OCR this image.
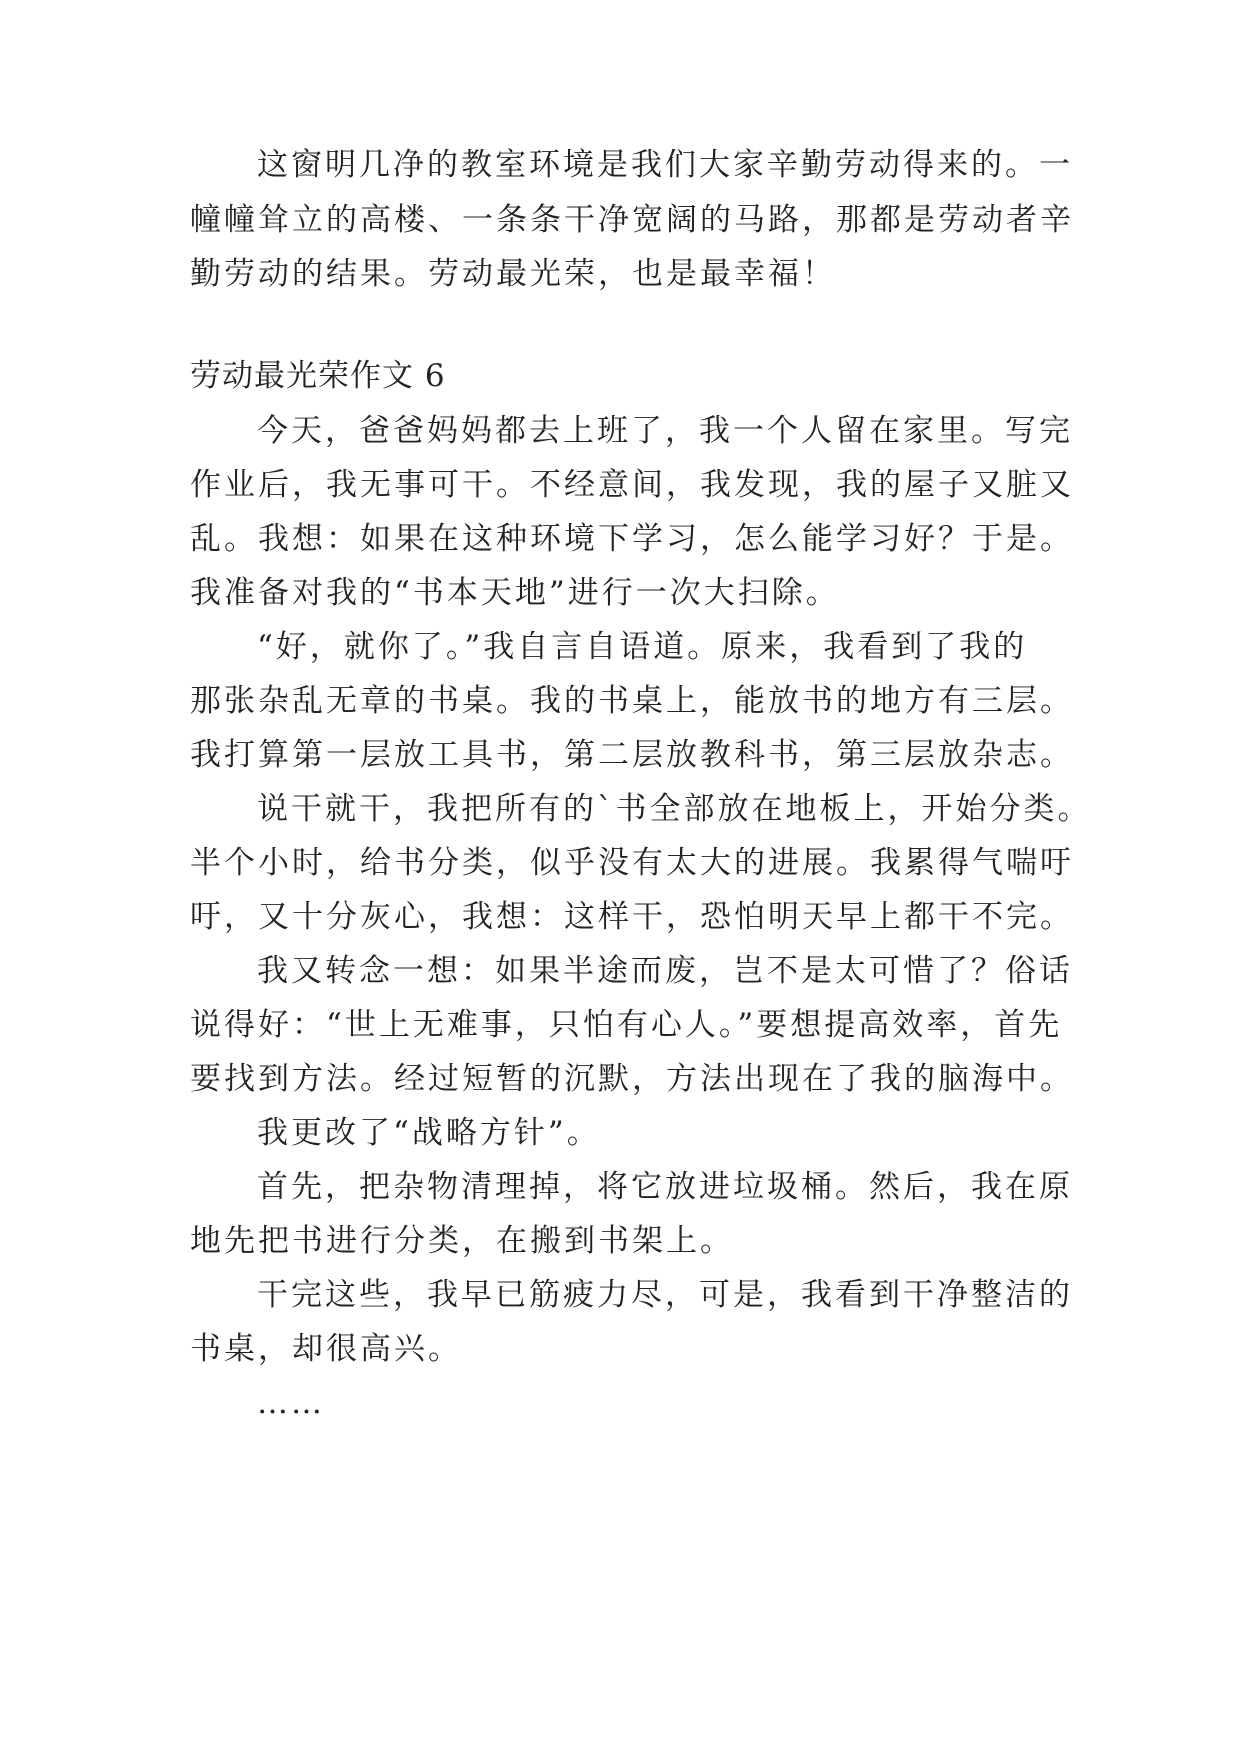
这窗明几净的教室环境是我们大家辛勤劳动得来的。一
幢幢耸立的高楼、一条条干净宽阔的马路，那都是劳动者辛
勤劳动的结果。劳动最光荣，也是最幸福！
劳动最光荣作文 6
今天，爸爸妈妈都去上班了，我一个人留在家里。写完
作业后，我无事可干。不经意间，我发现，我的屋子又脏又
乱。我想：如果在这种环境下学习，怎么能学习好？于是。
我准备对我的“书本天地”进行一次大扫除。
“好，就你了。”我自言自语道。原来，我看到了我的
那张杂乱无章的书桌。我的书桌上，能放书的地方有三层。
我打算第一层放工具书，第二层放教科书，第三层放杂志。
说干就干，我把所有的`书全部放在地板上，开始分类。
半个小时，给书分类，似乎没有太大的进展。我累得气喘吁
吁，又十分灰心，我想：这样干，恐怕明天早上都干不完。
我又转念一想：如果半途而废，岂不是太可惜了？俗话
说得好：“世上无难事，只怕有心人。”要想提高效率，首先
要找到方法。经过短暂的沉默，方法出现在了我的脑海中。
我更改了“战略方针”。
首先，把杂物清理掉，将它放进垃圾桶。然后，我在原
地先把书进行分类，在搬到书架上。
干完这些，我早已筋疲力尽，可是，我看到干净整洁的
书桌，却很高兴。
……
